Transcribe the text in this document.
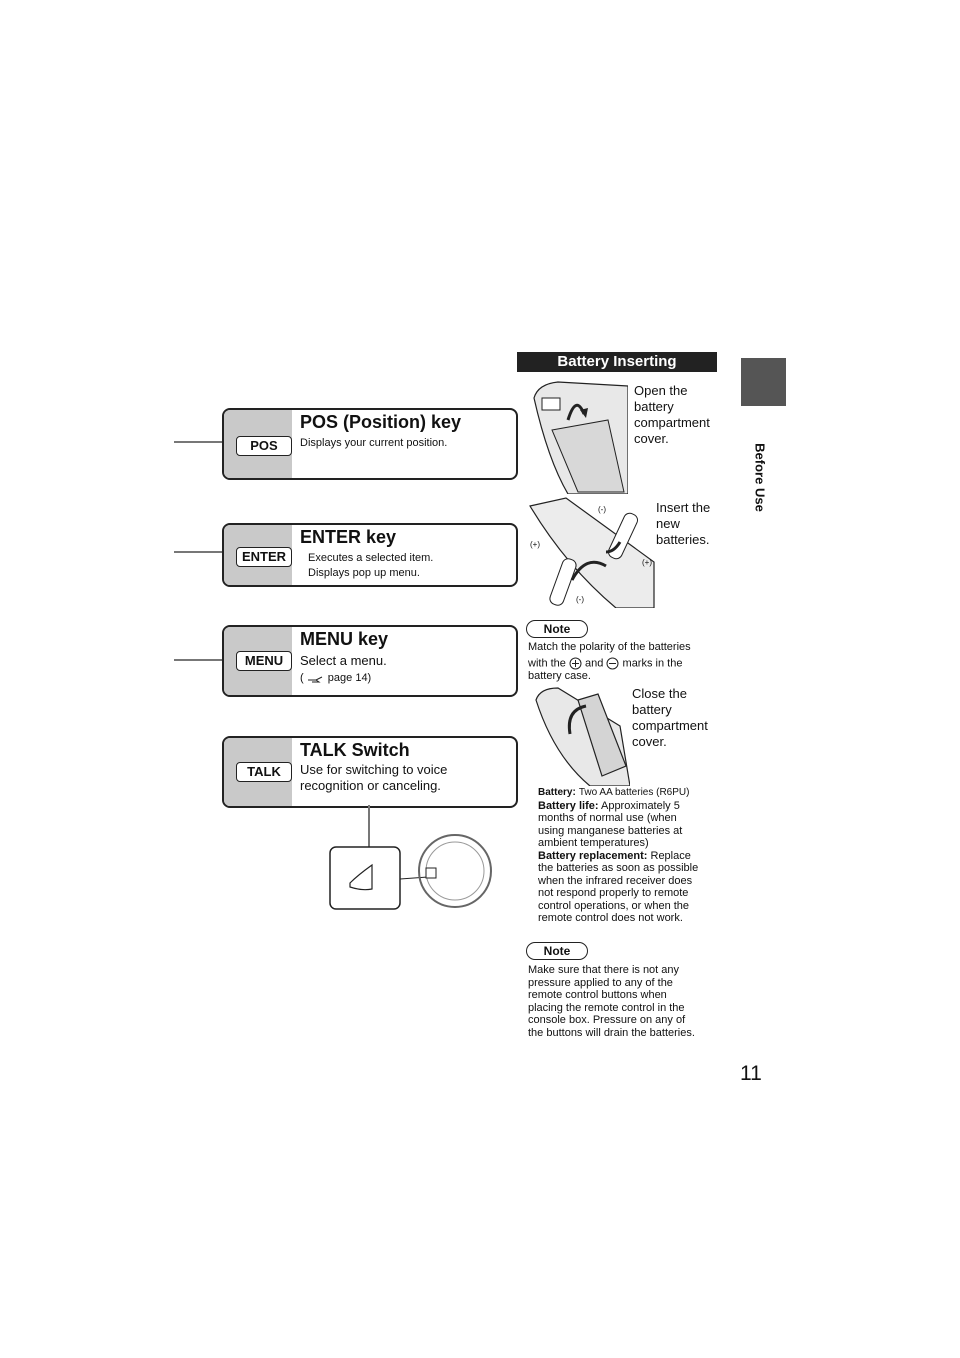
Before Use
11
POS
POS (Position) key
Displays your current position.
ENTER
ENTER key
Executes a selected item.
Displays pop up menu.
MENU
MENU key
Select a menu.
( page 14)
TALK
TALK Switch
Use for switching to voice
recognition or canceling.
Battery Inserting
Open the
battery
compartment
cover.
(-)
(+)
(+)
(-)
Insert the
new
batteries.
Note
Match the polarity of the batteries
with the and marks in the
battery case.
Close the
battery
compartment
cover.
Battery: Two AA batteries (R6PU)
Battery life: Approximately 5
months of normal use (when
using manganese batteries at
ambient temperatures)
Battery replacement: Replace
the batteries as soon as possible
when the infrared receiver does
not respond properly to remote
control operations, or when the
remote control does not work.
Note
Make sure that there is not any
pressure applied to any of the
remote control buttons when
placing the remote control in the
console box. Pressure on any of
the buttons will drain the batteries.
